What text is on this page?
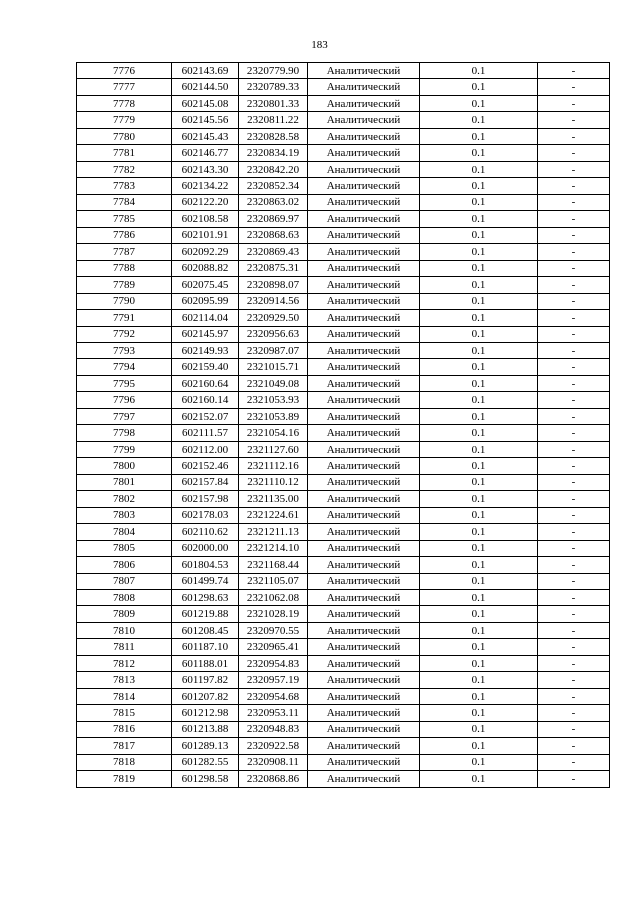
183
7776	602143.69	2320779.90	Аналитический	0.1	-
7777	602144.50	2320789.33	Аналитический	0.1	-
7778	602145.08	2320801.33	Аналитический	0.1	-
7779	602145.56	2320811.22	Аналитический	0.1	-
7780	602145.43	2320828.58	Аналитический	0.1	-
7781	602146.77	2320834.19	Аналитический	0.1	-
7782	602143.30	2320842.20	Аналитический	0.1	-
7783	602134.22	2320852.34	Аналитический	0.1	-
7784	602122.20	2320863.02	Аналитический	0.1	-
7785	602108.58	2320869.97	Аналитический	0.1	-
7786	602101.91	2320868.63	Аналитический	0.1	-
7787	602092.29	2320869.43	Аналитический	0.1	-
7788	602088.82	2320875.31	Аналитический	0.1	-
7789	602075.45	2320898.07	Аналитический	0.1	-
7790	602095.99	2320914.56	Аналитический	0.1	-
7791	602114.04	2320929.50	Аналитический	0.1	-
7792	602145.97	2320956.63	Аналитический	0.1	-
7793	602149.93	2320987.07	Аналитический	0.1	-
7794	602159.40	2321015.71	Аналитический	0.1	-
7795	602160.64	2321049.08	Аналитический	0.1	-
7796	602160.14	2321053.93	Аналитический	0.1	-
7797	602152.07	2321053.89	Аналитический	0.1	-
7798	602111.57	2321054.16	Аналитический	0.1	-
7799	602112.00	2321127.60	Аналитический	0.1	-
7800	602152.46	2321112.16	Аналитический	0.1	-
7801	602157.84	2321110.12	Аналитический	0.1	-
7802	602157.98	2321135.00	Аналитический	0.1	-
7803	602178.03	2321224.61	Аналитический	0.1	-
7804	602110.62	2321211.13	Аналитический	0.1	-
7805	602000.00	2321214.10	Аналитический	0.1	-
7806	601804.53	2321168.44	Аналитический	0.1	-
7807	601499.74	2321105.07	Аналитический	0.1	-
7808	601298.63	2321062.08	Аналитический	0.1	-
7809	601219.88	2321028.19	Аналитический	0.1	-
7810	601208.45	2320970.55	Аналитический	0.1	-
7811	601187.10	2320965.41	Аналитический	0.1	-
7812	601188.01	2320954.83	Аналитический	0.1	-
7813	601197.82	2320957.19	Аналитический	0.1	-
7814	601207.82	2320954.68	Аналитический	0.1	-
7815	601212.98	2320953.11	Аналитический	0.1	-
7816	601213.88	2320948.83	Аналитический	0.1	-
7817	601289.13	2320922.58	Аналитический	0.1	-
7818	601282.55	2320908.11	Аналитический	0.1	-
7819	601298.58	2320868.86	Аналитический	0.1	-
